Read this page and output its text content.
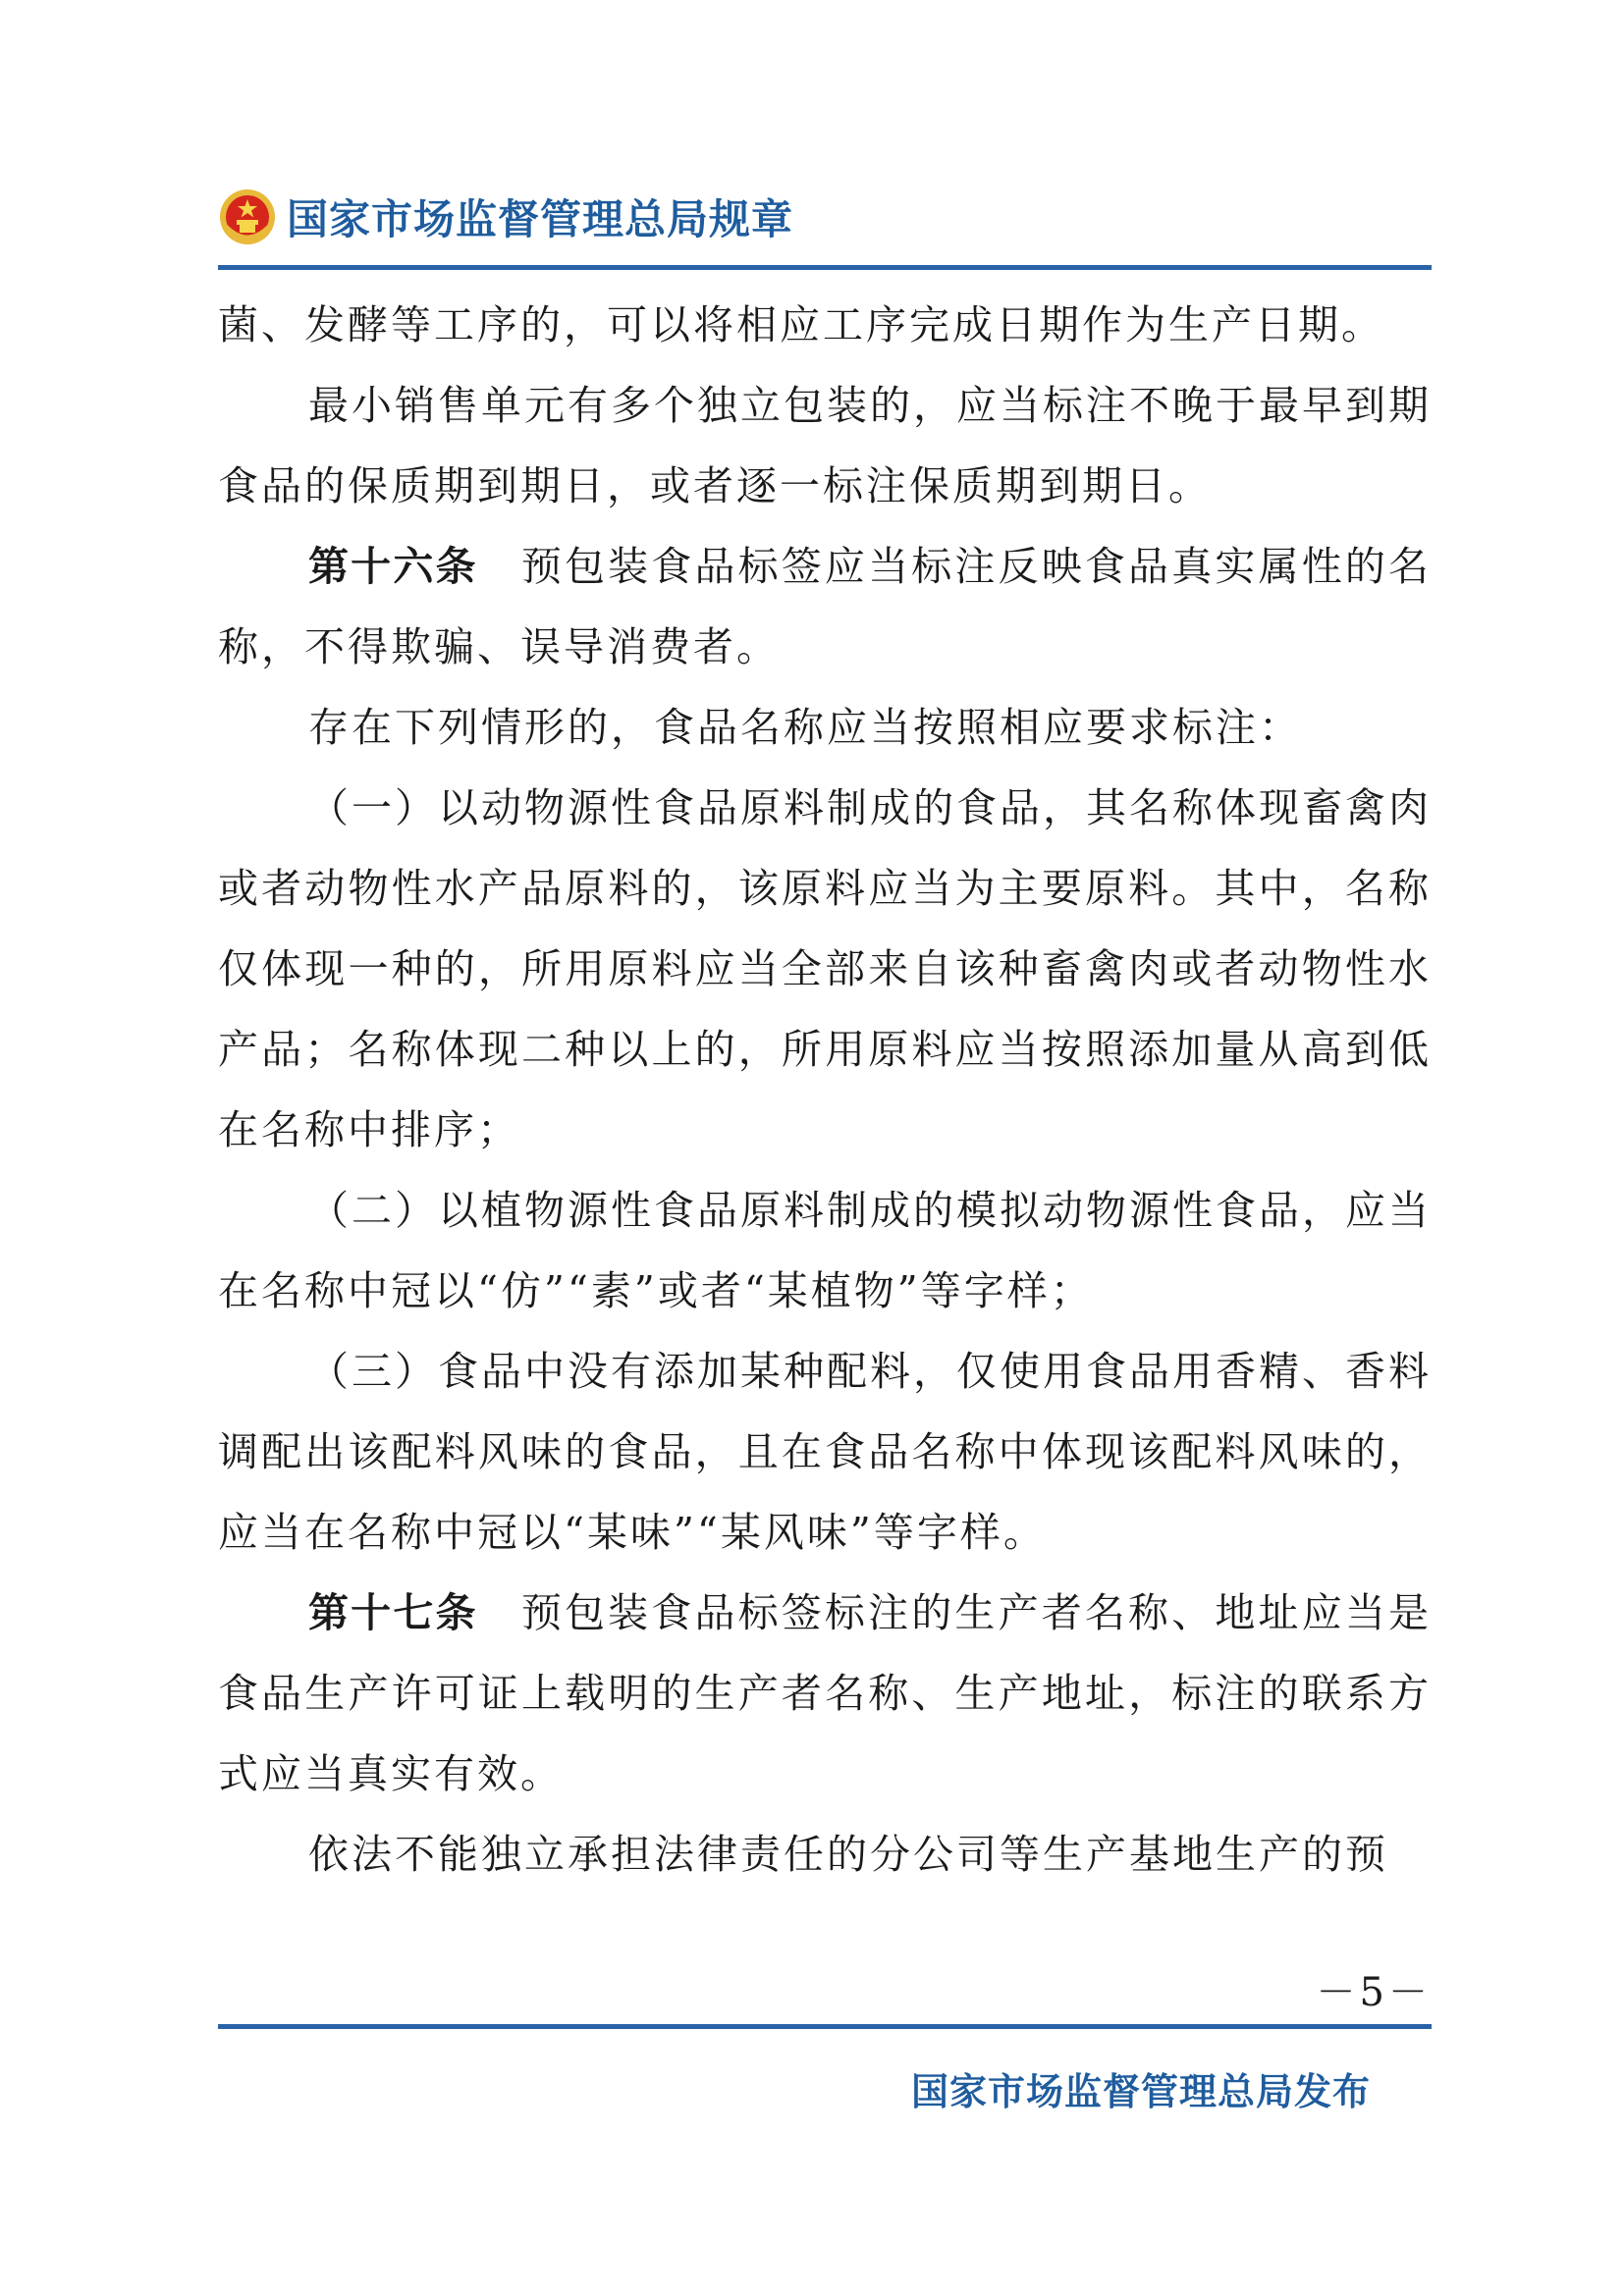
国家市场监督管理总局规章

菌、发酵等工序的，可以将相应工序完成日期作为生产日期。

最小销售单元有多个独立包装的，应当标注不晚于最早到期食品的保质期到期日，或者逐一标注保质期到期日。

第十六条　 预包装食品标签应当标注反映食品真实属性的名称，不得欺骗、误导消费者。

存在下列情形的，食品名称应当按照相应要求标注：

（一）以动物源性食品原料制成的食品，其名称体现畜禽肉或者动物性水产品原料的，该原料应当为主要原料。其中，名称仅体现一种的，所用原料应当全部来自该种畜禽肉或者动物性水产品；名称体现二种以上的，所用原料应当按照添加量从高到低在名称中排序；

（二）以植物源性食品原料制成的模拟动物源性食品，应当在名称中冠以“仿”“素”或者“某植物”等字样；

（三）食品中没有添加某种配料，仅使用食品用香精、香料调配出该配料风味的食品，且在食品名称中体现该配料风味的，应当在名称中冠以“某味”“某风味”等字样。

第十七条　 预包装食品标签标注的生产者名称、地址应当是食品生产许可证上载明的生产者名称、生产地址，标注的联系方式应当真实有效。

依法不能独立承担法律责任的分公司等生产基地生产的预

－5－
国家市场监督管理总局发布
